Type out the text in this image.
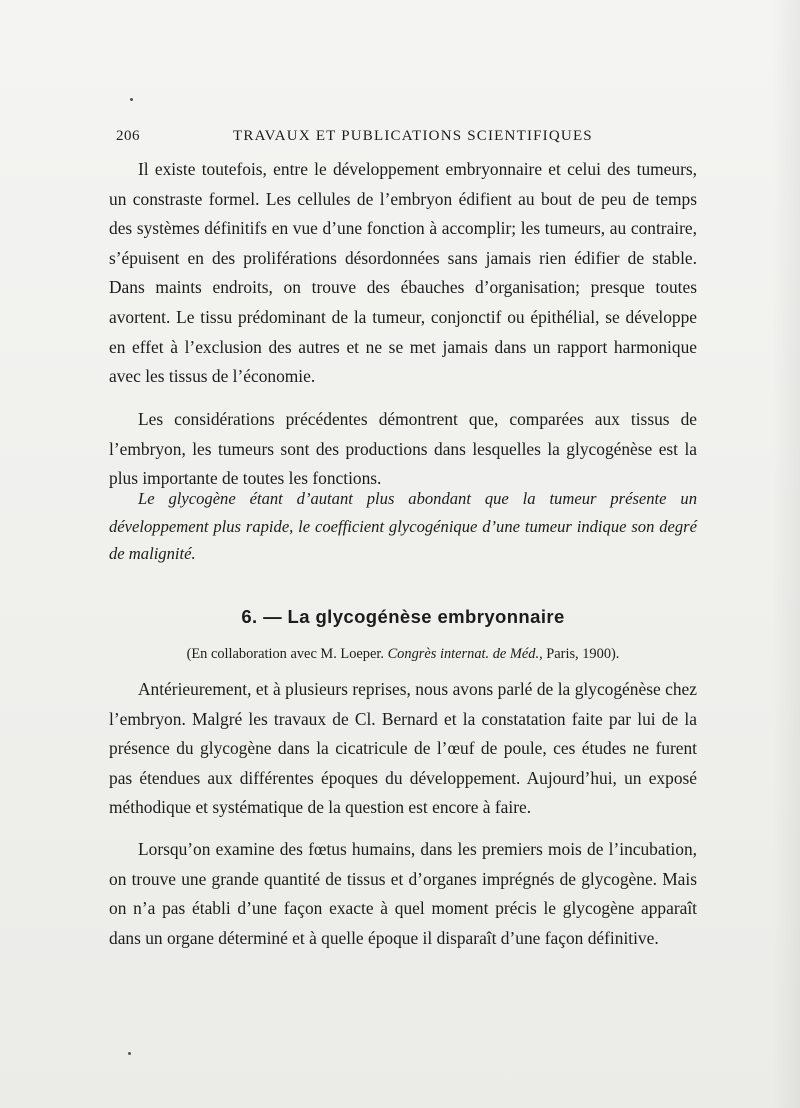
206	TRAVAUX ET PUBLICATIONS SCIENTIFIQUES

Il existe toutefois, entre le développement embryonnaire et celui des tumeurs, un constraste formel. Les cellules de l’embryon édifient au bout de peu de temps des systèmes définitifs en vue d’une fonction à accomplir; les tumeurs, au contraire, s’épuisent en des proliférations désordonnées sans jamais rien édifier de stable. Dans maints endroits, on trouve des ébauches d’organisation; presque toutes avortent. Le tissu prédominant de la tumeur, conjonctif ou épithélial, se développe en effet à l’exclusion des autres et ne se met jamais dans un rapport harmonique avec les tissus de l’économie.

Les considérations précédentes démontrent que, comparées aux tissus de l’embryon, les tumeurs sont des productions dans lesquelles la glycogénèse est la plus importante de toutes les fonctions.

Le glycogène étant d’autant plus abondant que la tumeur présente un développement plus rapide, le coefficient glycogénique d’une tumeur indique son degré de malignité.

6. — La glycogénèse embryonnaire
(En collaboration avec M. Loeper. Congrès internat. de Méd., Paris, 1900).

Antérieurement, et à plusieurs reprises, nous avons parlé de la glycogénèse chez l’embryon. Malgré les travaux de Cl. Bernard et la constatation faite par lui de la présence du glycogène dans la cicatricule de l’œuf de poule, ces études ne furent pas étendues aux différentes époques du développement. Aujourd’hui, un exposé méthodique et systématique de la question est encore à faire.

Lorsqu’on examine des fœtus humains, dans les premiers mois de l’incubation, on trouve une grande quantité de tissus et d’organes imprégnés de glycogène. Mais on n’a pas établi d’une façon exacte à quel moment précis le glycogène apparaît dans un organe déterminé et à quelle époque il disparaît d’une façon définitive.
